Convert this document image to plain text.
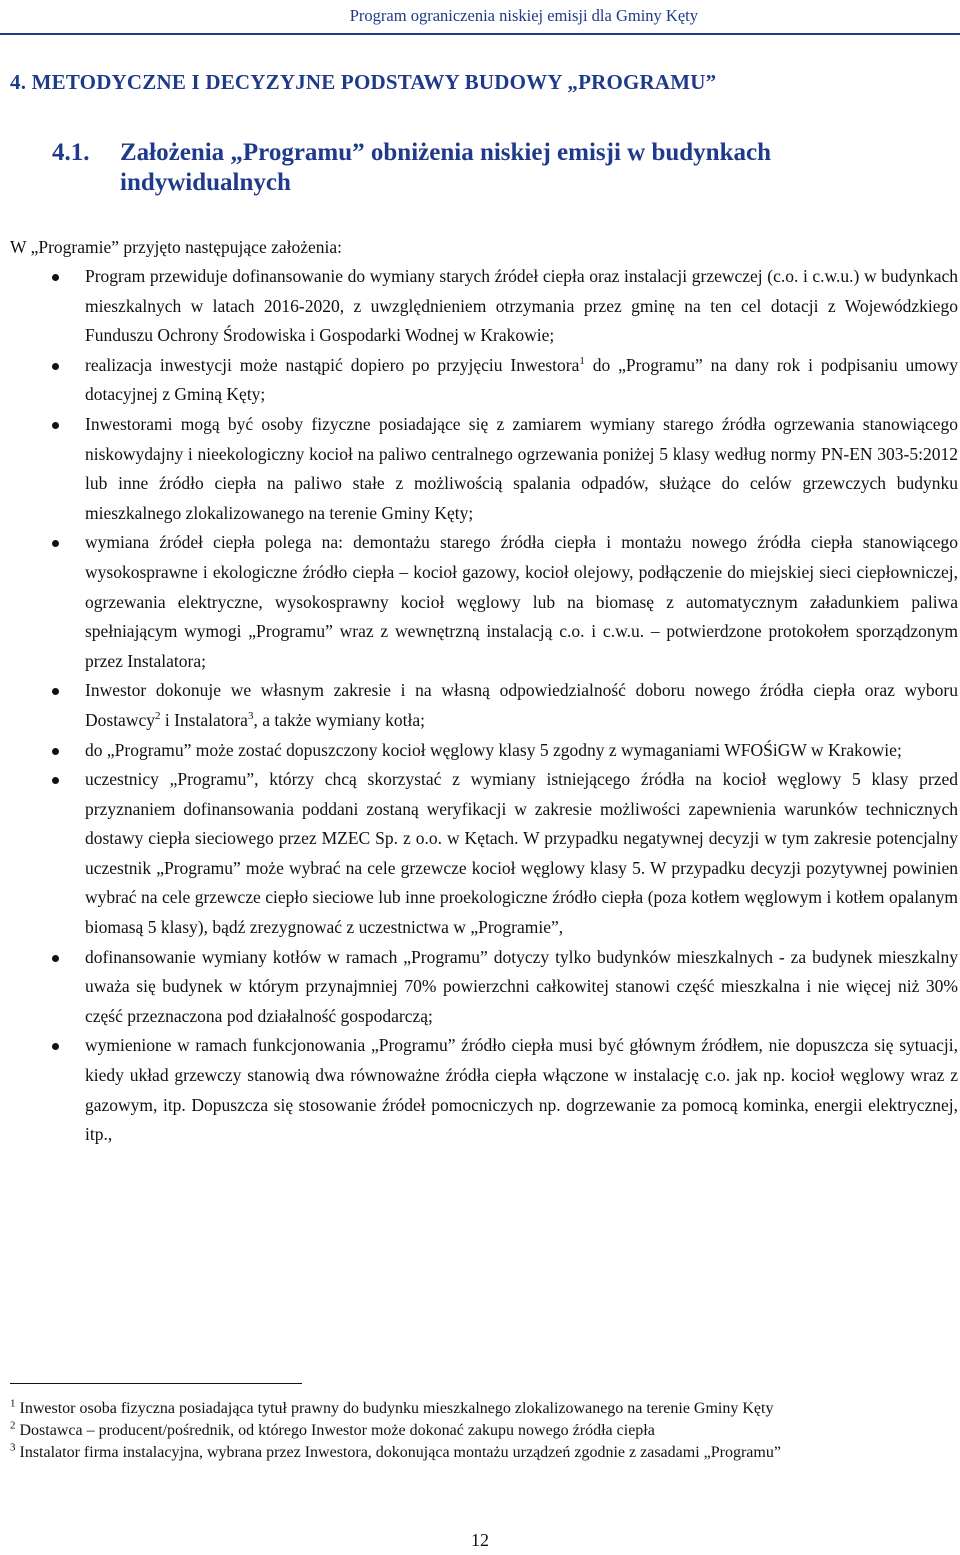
Program ograniczenia niskiej emisji dla Gminy Kęty
4. METODYCZNE I DECYZYJNE PODSTAWY BUDOWY „PROGRAMU”
4.1. Założenia „Programu” obniżenia niskiej emisji w budynkach
indywidualnych
W „Programie” przyjęto następujące założenia:
Program przewiduje dofinansowanie do wymiany starych źródeł ciepła oraz instalacji grzewczej (c.o. i c.w.u.) w budynkach mieszkalnych w latach 2016-2020, z uwzględnieniem otrzymania przez gminę na ten cel dotacji z Wojewódzkiego Funduszu Ochrony Środowiska i Gospodarki Wodnej w Krakowie;
realizacja inwestycji może nastąpić dopiero po przyjęciu Inwestora$^1$ do „Programu” na dany rok i podpisaniu umowy dotacyjnej z Gminą Kęty;
Inwestorami mogą być osoby fizyczne posiadające się z zamiarem wymiany starego źródła ogrzewania stanowiącego niskowydajny i nieekologiczny kocioł na paliwo centralnego ogrzewania poniżej 5 klasy według normy PN-EN 303-5:2012 lub inne źródło ciepła na paliwo stałe z możliwością spalania odpadów, służące do celów grzewczych budynku mieszkalnego zlokalizowanego na terenie Gminy Kęty;
wymiana źródeł ciepła polega na: demontażu starego źródła ciepła i montażu nowego źródła ciepła stanowiącego wysokosprawne i ekologiczne źródło ciepła – kocioł gazowy, kocioł olejowy, podłączenie do miejskiej sieci ciepłowniczej, ogrzewania elektryczne, wysokosprawny kocioł węglowy lub na biomasę z automatycznym załadunkiem paliwa spełniającym wymogi „Programu” wraz z wewnętrzną instalacją c.o. i c.w.u. – potwierdzone protokołem sporządzonym przez Instalatora;
Inwestor dokonuje we własnym zakresie i na własną odpowiedzialność doboru nowego źródła ciepła oraz wyboru Dostawcy$^2$ i Instalatora$^3$, a także wymiany kotła;
do „Programu” może zostać dopuszczony kocioł węglowy klasy 5 zgodny z wymaganiami WFOŚiGW w Krakowie;
uczestnicy „Programu”, którzy chcą skorzystać z wymiany istniejącego źródła na kocioł węglowy 5 klasy przed przyznaniem dofinansowania poddani zostaną weryfikacji w zakresie możliwości zapewnienia warunków technicznych dostawy ciepła sieciowego przez MZEC Sp. z o.o. w Kętach. W przypadku negatywnej decyzji w tym zakresie potencjalny uczestnik „Programu” może wybrać na cele grzewcze kocioł węglowy klasy 5. W przypadku decyzji pozytywnej powinien wybrać na cele grzewcze ciepło sieciowe lub inne proekologiczne źródło ciepła (poza kotłem węglowym i kotłem opalanym biomasą 5 klasy), bądź zrezygnować z uczestnictwa w „Programie”,
dofinansowanie wymiany kotłów w ramach „Programu” dotyczy tylko budynków mieszkalnych - za budynek mieszkalny uważa się budynek w którym przynajmniej 70% powierzchni całkowitej stanowi część mieszkalna i nie więcej niż 30% część przeznaczona pod działalność gospodarczą;
wymienione w ramach funkcjonowania „Programu” źródło ciepła musi być głównym źródłem, nie dopuszcza się sytuacji, kiedy układ grzewczy stanowią dwa równoważne źródła ciepła włączone w instalację c.o. jak np. kocioł węglowy wraz z gazowym, itp. Dopuszcza się stosowanie źródeł pomocniczych np. dogrzewanie za pomocą kominka, energii elektrycznej, itp.,

$^1$ Inwestor osoba fizyczna posiadająca tytuł prawny do budynku mieszkalnego zlokalizowanego na terenie Gminy Kęty

$^2$ Dostawca – producent/pośrednik, od którego Inwestor może dokonać zakupu nowego źródła ciepła

$^3$ Instalator firma instalacyjna, wybrana przez Inwestora, dokonująca montażu urządzeń zgodnie z zasadami „Programu”

12
